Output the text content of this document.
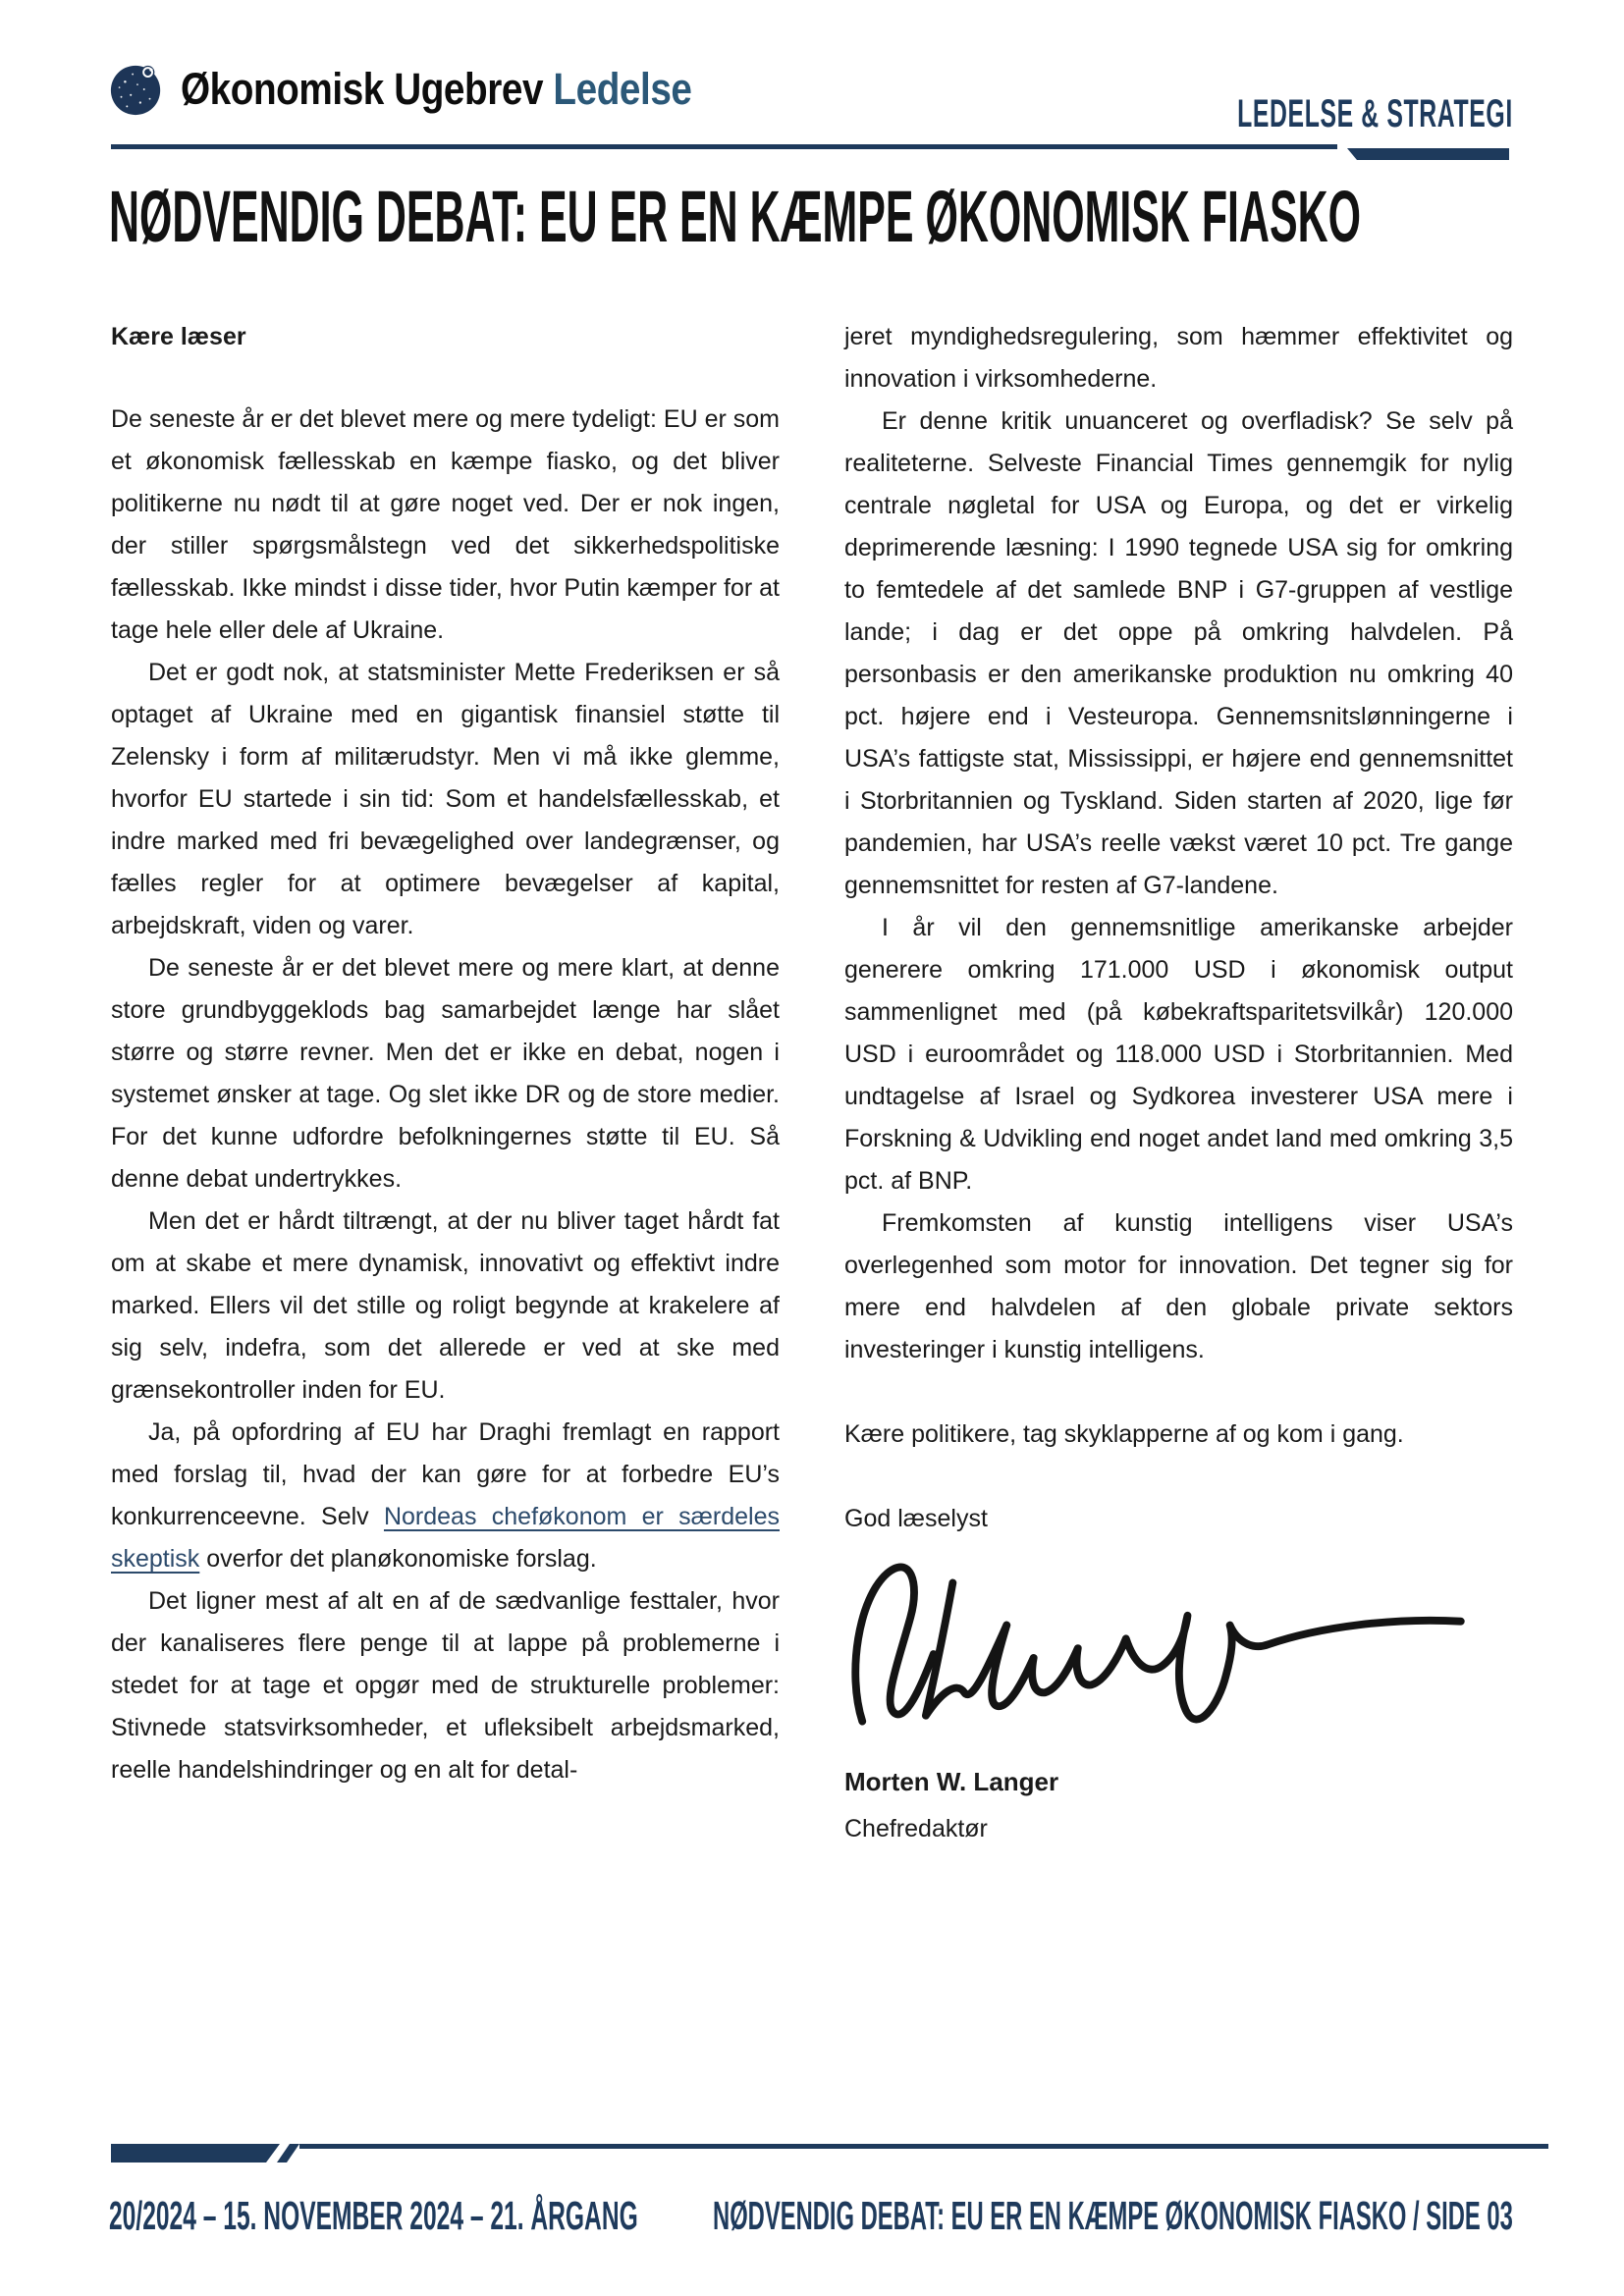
Økonomisk Ugebrev Ledelse	LEDELSE & STRATEGI
NØDVENDIG DEBAT: EU ER EN KÆMPE ØKONOMISK FIASKO

Kære læser

De seneste år er det blevet mere og mere tydeligt: EU er som et økonomisk fællesskab en kæmpe fiasko, og det bliver politikerne nu nødt til at gøre noget ved. Der er nok ingen, der stiller spørgsmålstegn ved det sikkerhedspolitiske fællesskab. Ikke mindst i disse tider, hvor Putin kæmper for at tage hele eller dele af Ukraine.

Det er godt nok, at statsminister Mette Frederiksen er så optaget af Ukraine med en gigantisk finansiel støtte til Zelensky i form af militærudstyr. Men vi må ikke glemme, hvorfor EU startede i sin tid: Som et handelsfællesskab, et indre marked med fri bevægelighed over landegrænser, og fælles regler for at optimere bevægelser af kapital, arbejdskraft, viden og varer.

De seneste år er det blevet mere og mere klart, at denne store grundbyggeklods bag samarbejdet længe har slået større og større revner. Men det er ikke en debat, nogen i systemet ønsker at tage. Og slet ikke DR og de store medier. For det kunne udfordre befolkningernes støtte til EU. Så denne debat undertrykkes.

Men det er hårdt tiltrængt, at der nu bliver taget hårdt fat om at skabe et mere dynamisk, innovativt og effektivt indre marked. Ellers vil det stille og roligt begynde at krakelere af sig selv, indefra, som det allerede er ved at ske med grænsekontroller inden for EU.

Ja, på opfordring af EU har Draghi fremlagt en rapport med forslag til, hvad der kan gøre for at forbedre EU’s konkurrenceevne. Selv Nordeas cheføkonom er særdeles skeptisk overfor det planøkonomiske forslag.

Det ligner mest af alt en af de sædvanlige festtaler, hvor der kanaliseres flere penge til at lappe på problemerne i stedet for at tage et opgør med de strukturelle problemer: Stivnede statsvirksomheder, et ufleksibelt arbejdsmarked, reelle handelshindringer og en alt for detal-

jeret myndighedsregulering, som hæmmer effektivitet og innovation i virksomhederne.

Er denne kritik unuanceret og overfladisk? Se selv på realiteterne. Selveste Financial Times gennemgik for nylig centrale nøgletal for USA og Europa, og det er virkelig deprimerende læsning: I 1990 tegnede USA sig for omkring to femtedele af det samlede BNP i G7-gruppen af vestlige lande; i dag er det oppe på omkring halvdelen. På personbasis er den amerikanske produktion nu omkring 40 pct. højere end i Vesteuropa. Gennemsnitslønningerne i USA’s fattigste stat, Mississippi, er højere end gennemsnittet i Storbritannien og Tyskland. Siden starten af 2020, lige før pandemien, har USA’s reelle vækst været 10 pct. Tre gange gennemsnittet for resten af G7-landene.

I år vil den gennemsnitlige amerikanske arbejder generere omkring 171.000 USD i økonomisk output sammenlignet med (på købekraftsparitetsvilkår) 120.000 USD i euroområdet og 118.000 USD i Storbritannien. Med undtagelse af Israel og Sydkorea investerer USA mere i Forskning & Udvikling end noget andet land med omkring 3,5 pct. af BNP.

Fremkomsten af kunstig intelligens viser USA’s overlegenhed som motor for innovation. Det tegner sig for mere end halvdelen af den globale private sektors investeringer i kunstig intelligens.

Kære politikere, tag skyklapperne af og kom i gang.

God læselyst

Morten W. Langer

Chefredaktør

20/2024 – 15. NOVEMBER 2024 – 21. ÅRGANG NØDVENDIG DEBAT: EU ER EN KÆMPE ØKONOMISK FIASKO / SIDE 03
